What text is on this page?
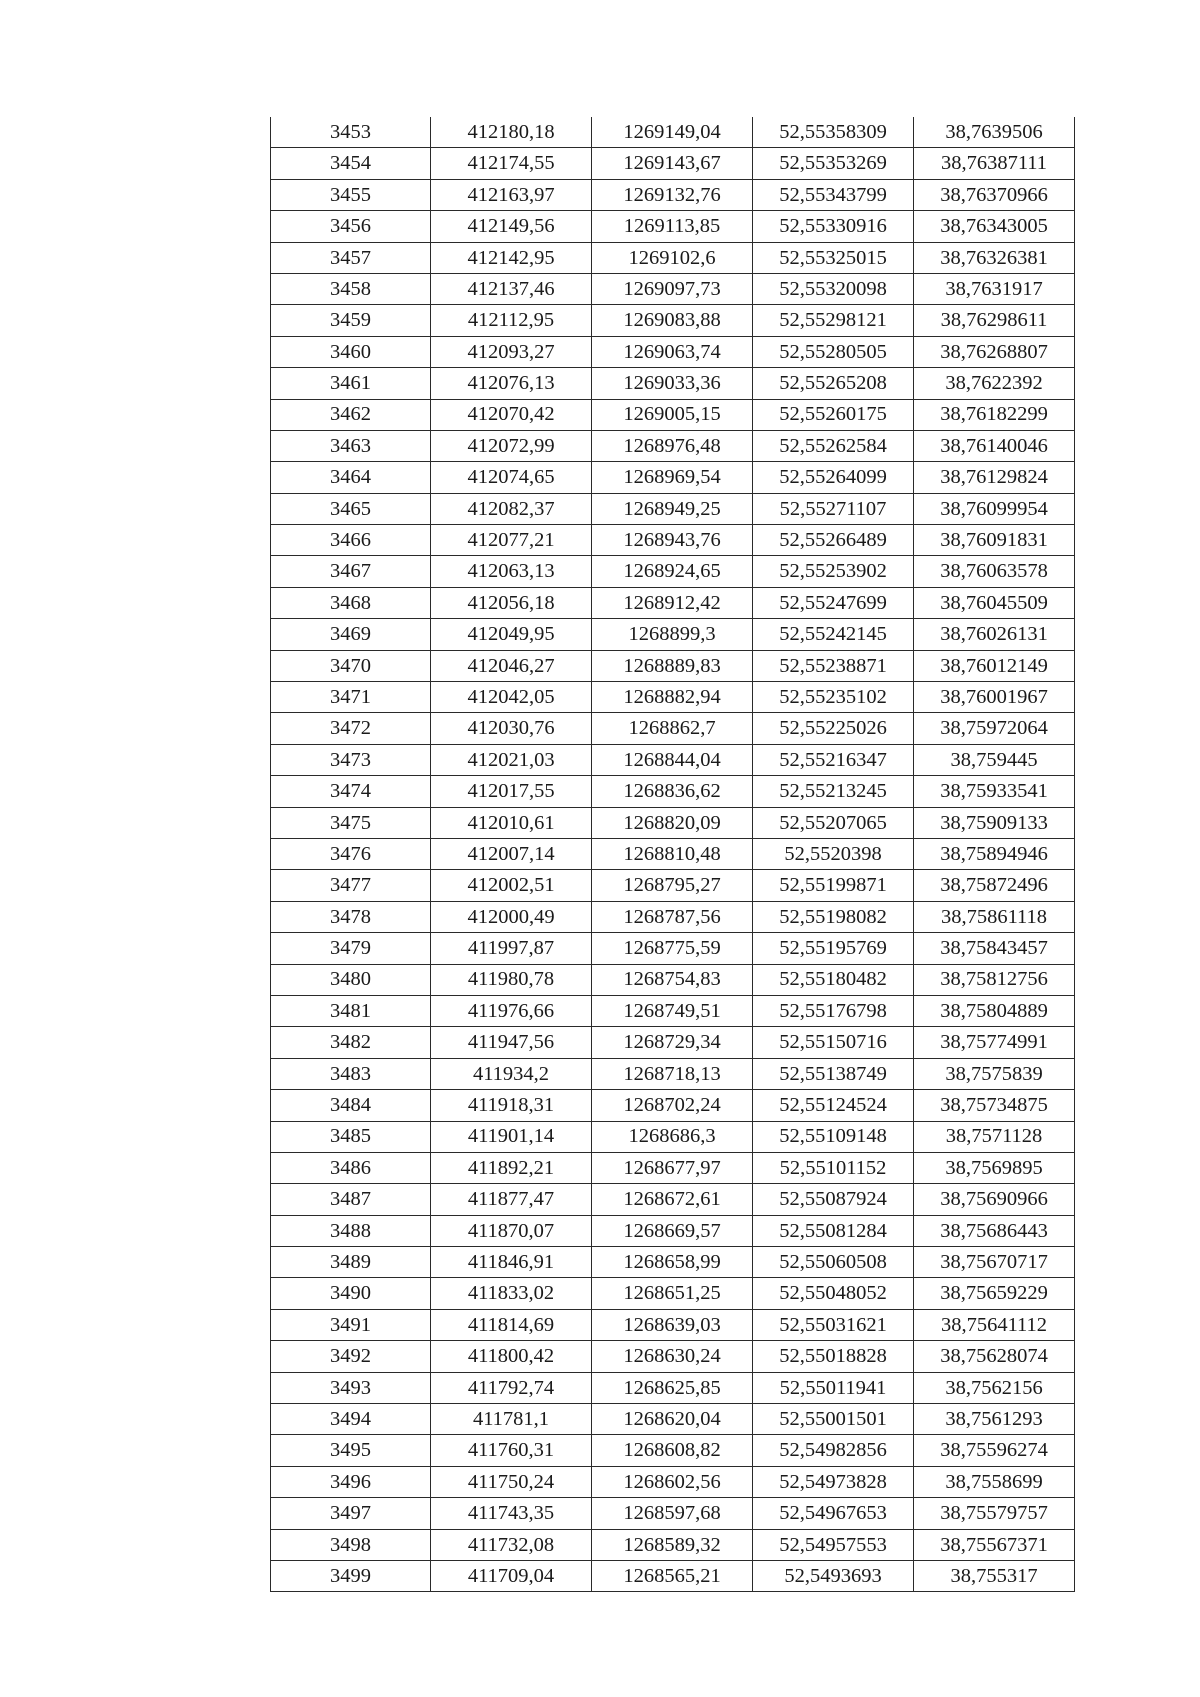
3453	412180,18	1269149,04	52,55358309	38,7639506
3454	412174,55	1269143,67	52,55353269	38,76387111
3455	412163,97	1269132,76	52,55343799	38,76370966
3456	412149,56	1269113,85	52,55330916	38,76343005
3457	412142,95	1269102,6	52,55325015	38,76326381
3458	412137,46	1269097,73	52,55320098	38,7631917
3459	412112,95	1269083,88	52,55298121	38,76298611
3460	412093,27	1269063,74	52,55280505	38,76268807
3461	412076,13	1269033,36	52,55265208	38,7622392
3462	412070,42	1269005,15	52,55260175	38,76182299
3463	412072,99	1268976,48	52,55262584	38,76140046
3464	412074,65	1268969,54	52,55264099	38,76129824
3465	412082,37	1268949,25	52,55271107	38,76099954
3466	412077,21	1268943,76	52,55266489	38,76091831
3467	412063,13	1268924,65	52,55253902	38,76063578
3468	412056,18	1268912,42	52,55247699	38,76045509
3469	412049,95	1268899,3	52,55242145	38,76026131
3470	412046,27	1268889,83	52,55238871	38,76012149
3471	412042,05	1268882,94	52,55235102	38,76001967
3472	412030,76	1268862,7	52,55225026	38,75972064
3473	412021,03	1268844,04	52,55216347	38,759445
3474	412017,55	1268836,62	52,55213245	38,75933541
3475	412010,61	1268820,09	52,55207065	38,75909133
3476	412007,14	1268810,48	52,5520398	38,75894946
3477	412002,51	1268795,27	52,55199871	38,75872496
3478	412000,49	1268787,56	52,55198082	38,75861118
3479	411997,87	1268775,59	52,55195769	38,75843457
3480	411980,78	1268754,83	52,55180482	38,75812756
3481	411976,66	1268749,51	52,55176798	38,75804889
3482	411947,56	1268729,34	52,55150716	38,75774991
3483	411934,2	1268718,13	52,55138749	38,7575839
3484	411918,31	1268702,24	52,55124524	38,75734875
3485	411901,14	1268686,3	52,55109148	38,7571128
3486	411892,21	1268677,97	52,55101152	38,7569895
3487	411877,47	1268672,61	52,55087924	38,75690966
3488	411870,07	1268669,57	52,55081284	38,75686443
3489	411846,91	1268658,99	52,55060508	38,75670717
3490	411833,02	1268651,25	52,55048052	38,75659229
3491	411814,69	1268639,03	52,55031621	38,75641112
3492	411800,42	1268630,24	52,55018828	38,75628074
3493	411792,74	1268625,85	52,55011941	38,7562156
3494	411781,1	1268620,04	52,55001501	38,7561293
3495	411760,31	1268608,82	52,54982856	38,75596274
3496	411750,24	1268602,56	52,54973828	38,7558699
3497	411743,35	1268597,68	52,54967653	38,75579757
3498	411732,08	1268589,32	52,54957553	38,75567371
3499	411709,04	1268565,21	52,5493693	38,755317
